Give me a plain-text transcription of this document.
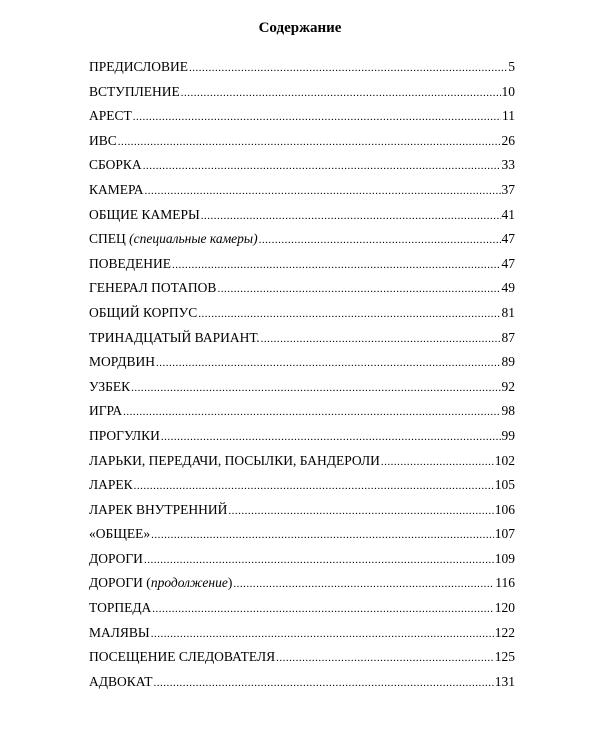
Содержание
ПРЕДИСЛОВИЕ .....	5
ВСТУПЛЕНИЕ .....	10
АРЕСТ .....	11
ИВС .....	26
СБОРКА .....	33
КАМЕРА .....	37
ОБЩИЕ КАМЕРЫ .....	41
СПЕЦ (специальные камеры) .....	47
ПОВЕДЕНИЕ .....	47
ГЕНЕРАЛ ПОТАПОВ .....	49
ОБЩИЙ КОРПУС .....	81
ТРИНАДЦАТЫЙ ВАРИАНТ. .....	87
МОРДВИН .....	89
УЗБЕК .....	92
ИГРА .....	98
ПРОГУЛКИ .....	99
ЛАРЬКИ, ПЕРЕДАЧИ, ПОСЫЛКИ, БАНДЕРОЛИ .....	102
ЛАРЕК .....	105
ЛАРЕК ВНУТРЕННИЙ .....	106
«ОБЩЕЕ» .....	107
ДОРОГИ .....	109
ДОРОГИ (продолжение) .....	116
ТОРПЕДА .....	120
МАЛЯВЫ .....	122
ПОСЕЩЕНИЕ СЛЕДОВАТЕЛЯ .....	125
АДВОКАТ .....	131
